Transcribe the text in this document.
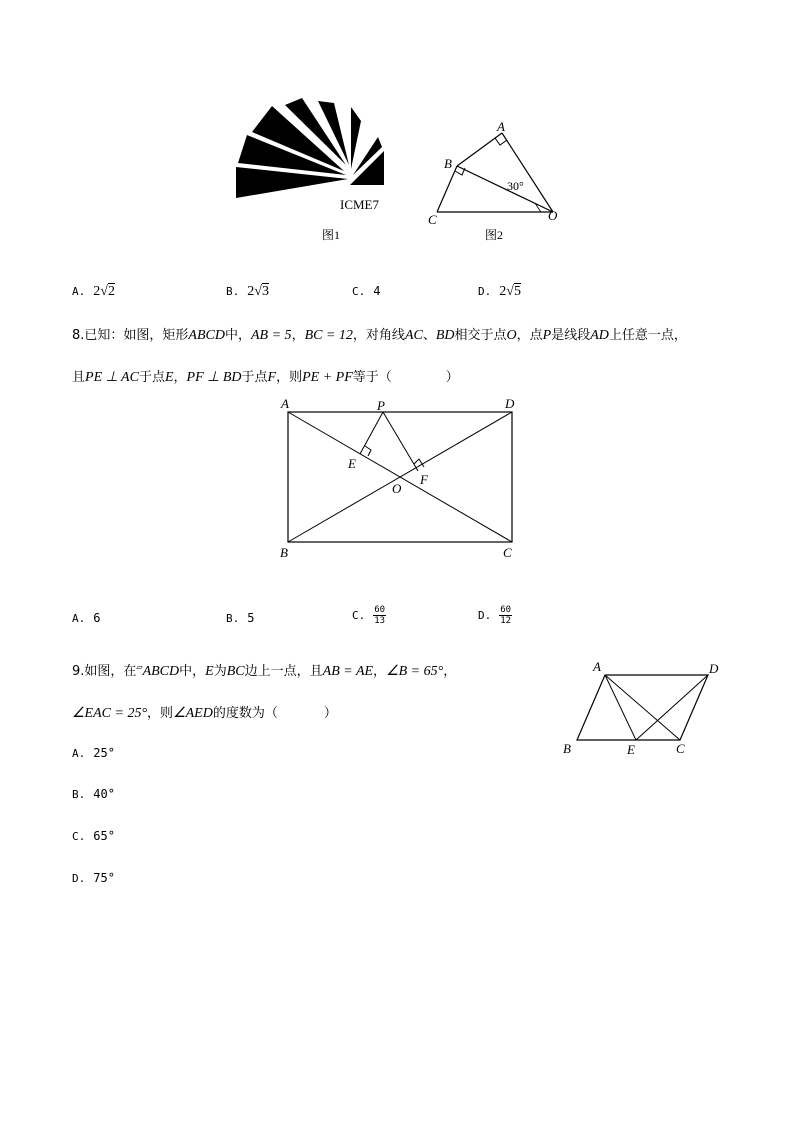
ICME7
图1
A
B
C	O
30°
图2
A. 2√2	B. 2√3	C. 4	D. 2√5
8.已知：如图，矩形ABCD中，AB = 5，BC = 12，对角线AC、BD相交于点O，点P是线段AD上任意一点，
且PE ⊥ AC于点E，PF ⊥ BD于点F，则PE + PF等于（	）
A	P	D
E
O
F
B	C
A. 6	B. 5	C. $\frac{60}{13}$	D. $\frac{60}{12}$
9.如图，在▱ABCD中，E为BC边上一点，且AB = AE，∠B = 65°，
∠EAC = 25°，则∠AED的度数为（	）
A	D
B	E	C
A. 25°
B. 40°
C. 65°
D. 75°
